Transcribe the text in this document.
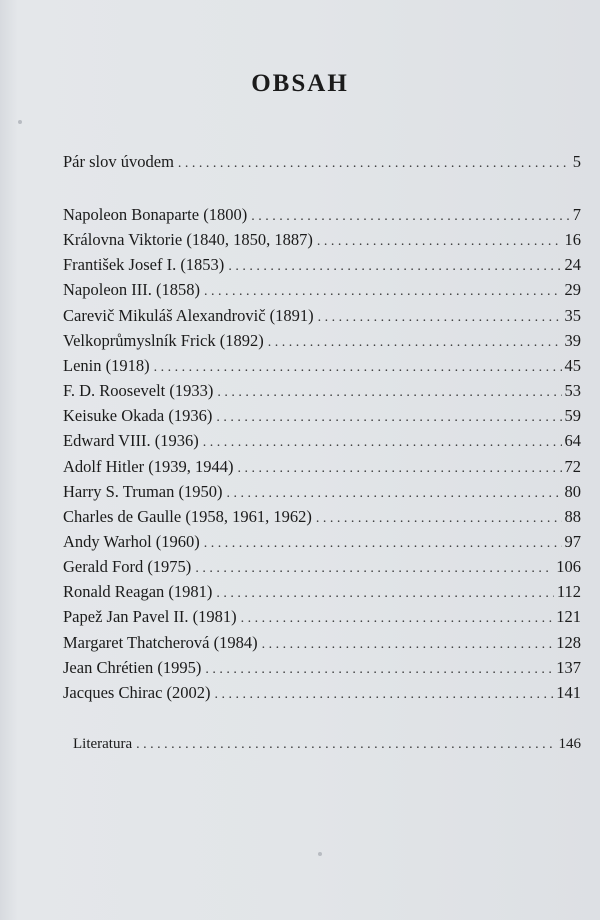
OBSAH
Pár slov úvodem . . .	5
Napoleon Bonaparte (1800) . . .	7
Královna Viktorie (1840, 1850, 1887) . . .	16
František Josef I. (1853) . . .	24
Napoleon III. (1858) . . .	29
Carevič Mikuláš Alexandrovič (1891) . . .	35
Velkoprůmyslník Frick (1892) . . .	39
Lenin (1918) . . .	45
F. D. Roosevelt (1933) . . .	53
Keisuke Okada (1936) . . .	59
Edward VIII. (1936) . . .	64
Adolf Hitler (1939, 1944) . . .	72
Harry S. Truman (1950) . . .	80
Charles de Gaulle (1958, 1961, 1962) . . .	88
Andy Warhol (1960) . . .	97
Gerald Ford (1975) . . .	106
Ronald Reagan (1981) . . .	112
Papež Jan Pavel II. (1981) . . .	121
Margaret Thatcherová (1984) . . .	128
Jean Chrétien (1995) . . .	137
Jacques Chirac (2002) . . .	141
Literatura . . .	146
